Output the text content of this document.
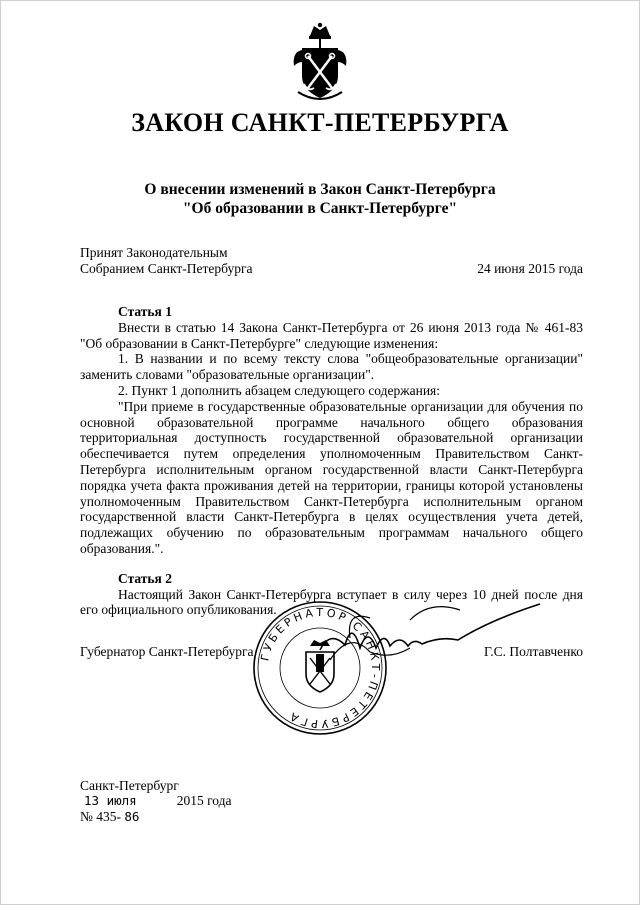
ЗАКОН САНКТ-ПЕТЕРБУРГА
О внесении изменений в Закон Санкт-Петербурга
"Об образовании в Санкт-Петербурге"
Принят Законодательным
Собранием Санкт-Петербурга	24 июня 2015 года

Статья 1

Внести в статью 14 Закона Санкт-Петербурга от 26 июня 2013 года № 461-83 "Об образовании в Санкт-Петербурге" следующие изменения:

1. В названии и по всему тексту слова "общеобразовательные организации" заменить словами "образовательные организации".

2. Пункт 1 дополнить абзацем следующего содержания:

"При приеме в государственные образовательные организации для обучения по основной образовательной программе начального общего образования территориальная доступность государственной образовательной организации обеспечивается путем определения уполномоченным Правительством Санкт-Петербурга исполнительным органом государственной власти Санкт-Петербурга порядка учета факта проживания детей на территории, границы которой установлены уполномоченным Правительством Санкт-Петербурга исполнительным органом государственной власти Санкт-Петербурга в целях осуществления учета детей, подлежащих обучению по образовательным программам начального общего образования.".

Статья 2

Настоящий Закон Санкт-Петербурга вступает в силу через 10 дней после дня его официального опубликования.

ГУБЕРНАТОР САНКТ-ПЕТЕРБУРГА
Губернатор Санкт-Петербурга	Г.С. Полтавченко
Санкт-Петербург
13 июля	2015 года
№ 435- 86
